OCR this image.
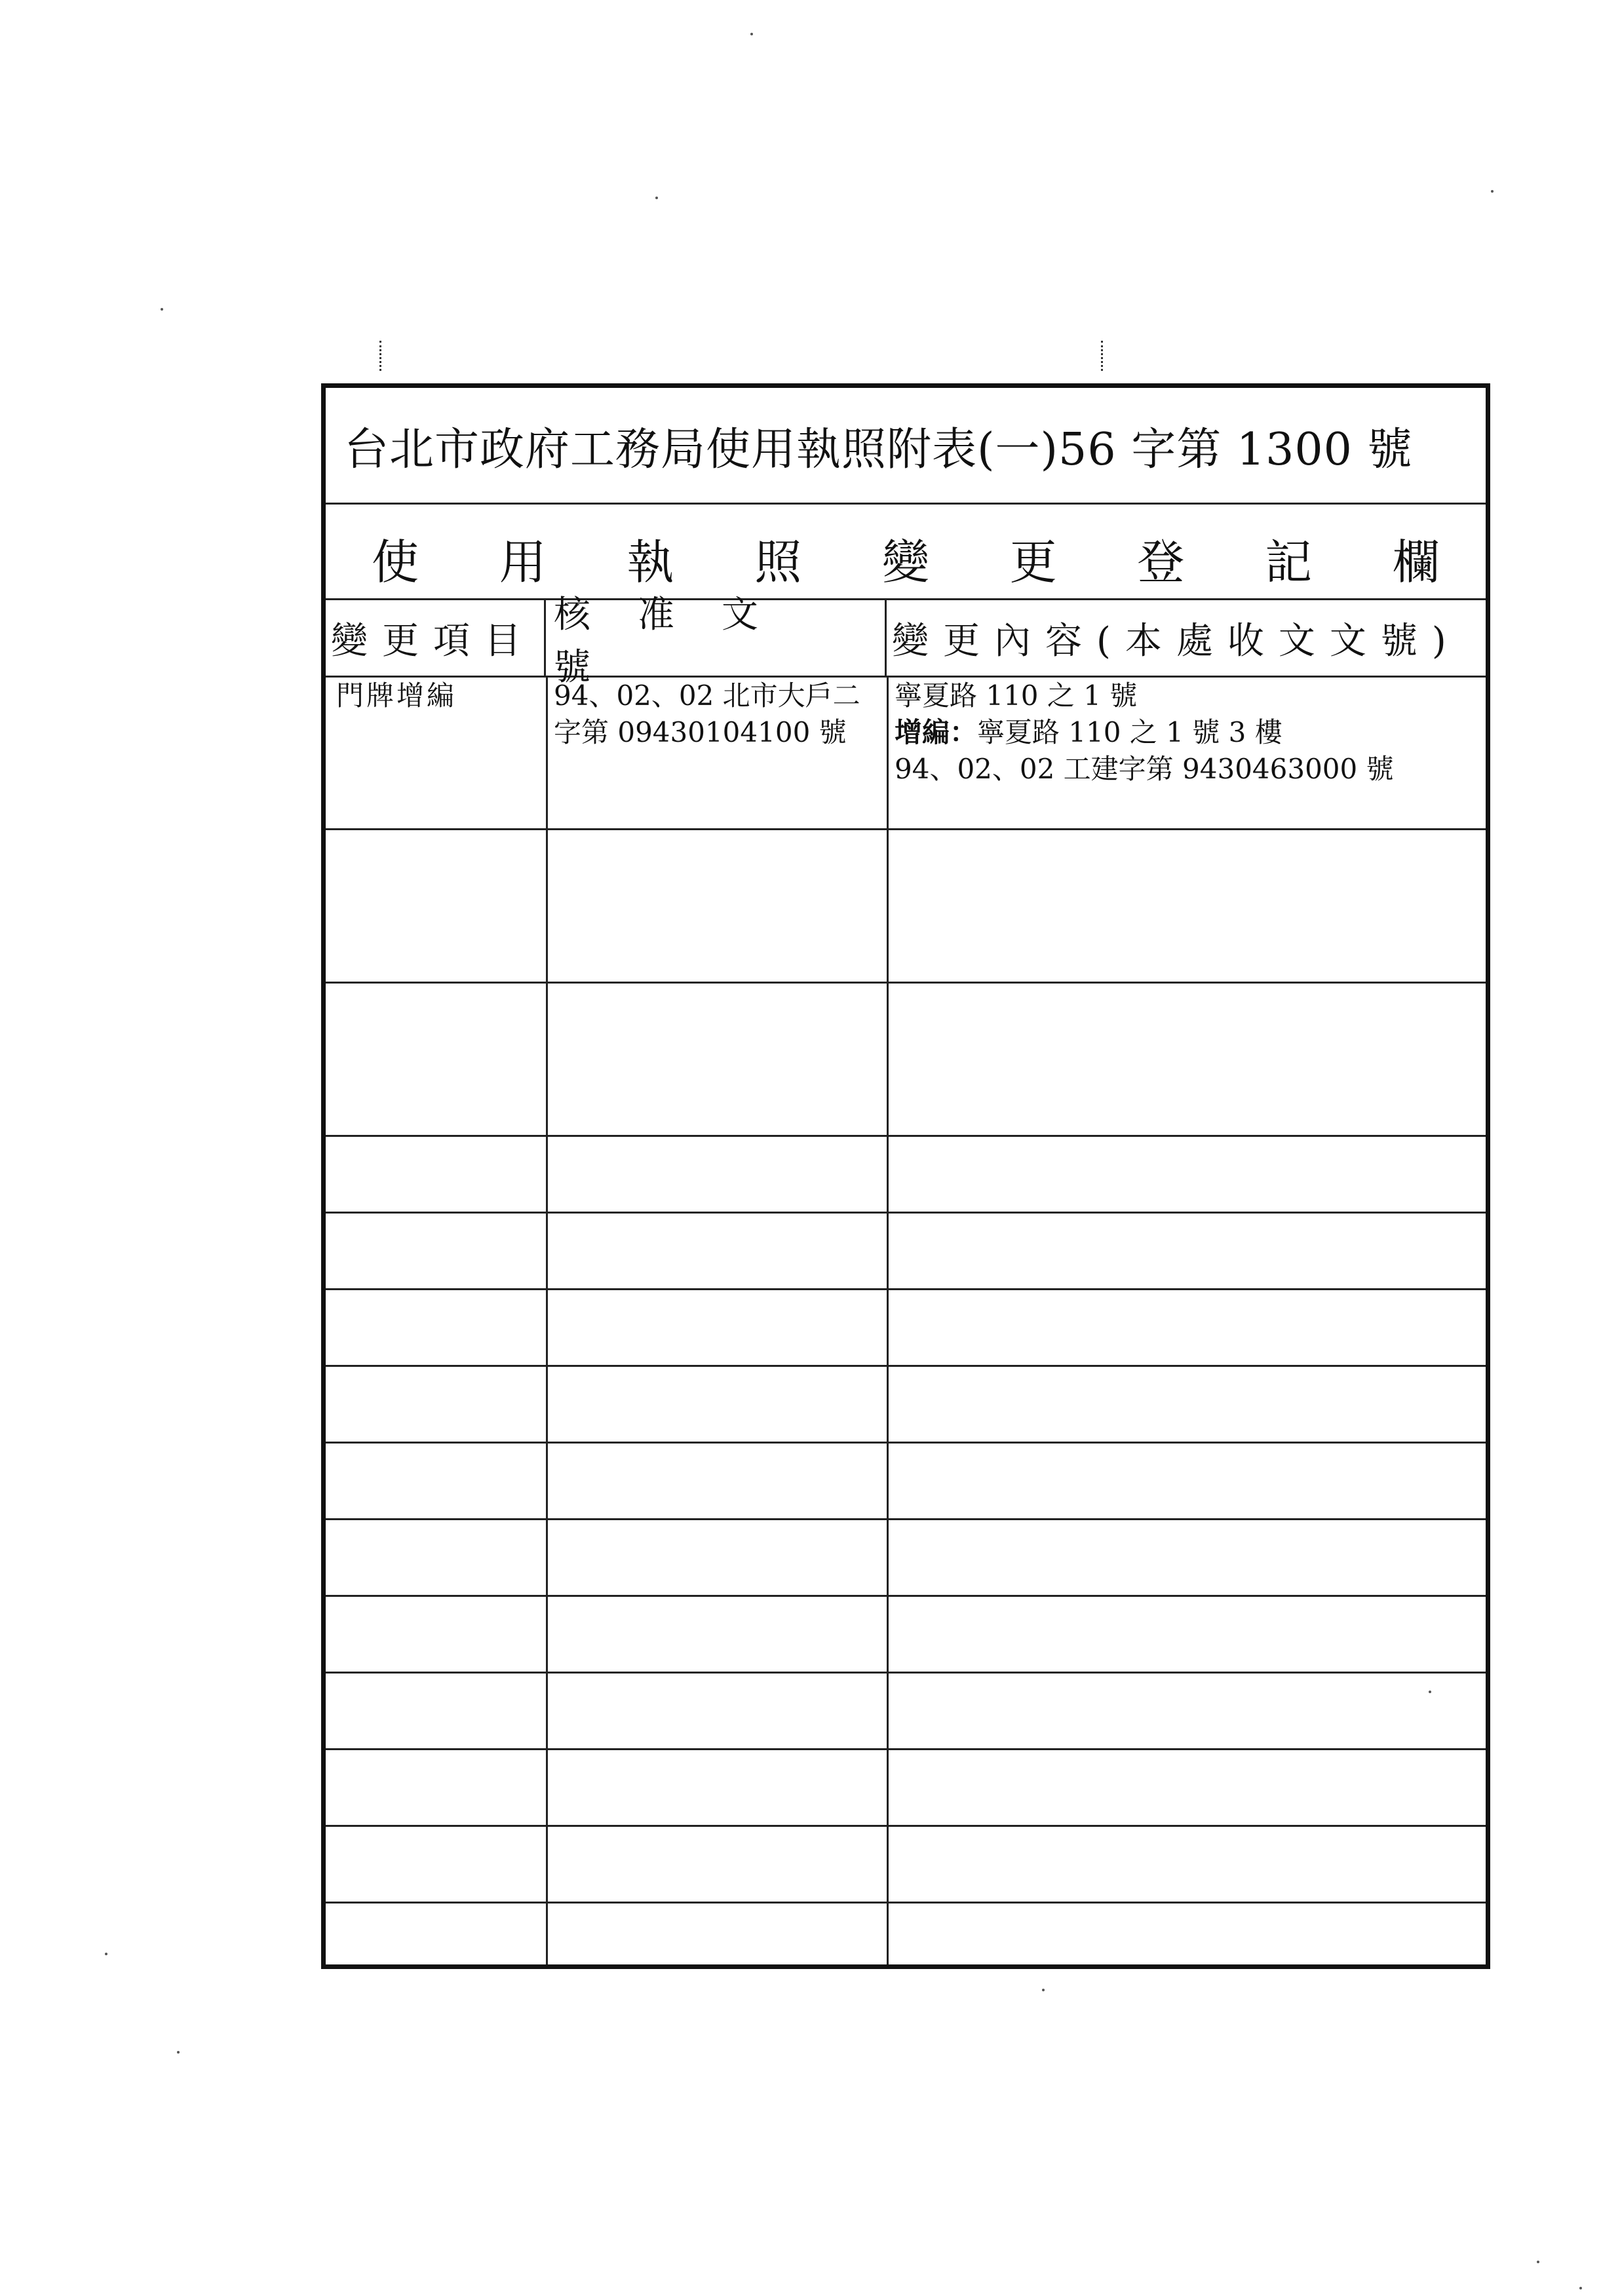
台北市政府工務局使用執照附表(一)56 字第 1300 號
使 用 執 照 變 更 登 記 欄
變更項目
核准文號
變更內容(本處收文文號)
門牌增編	94、02、02 北市大戶二
字第 09430104100 號
寧夏路 110 之 1 號
增編：寧夏路 110 之 1 號 3 樓
94、02、02 工建字第 9430463000 號
